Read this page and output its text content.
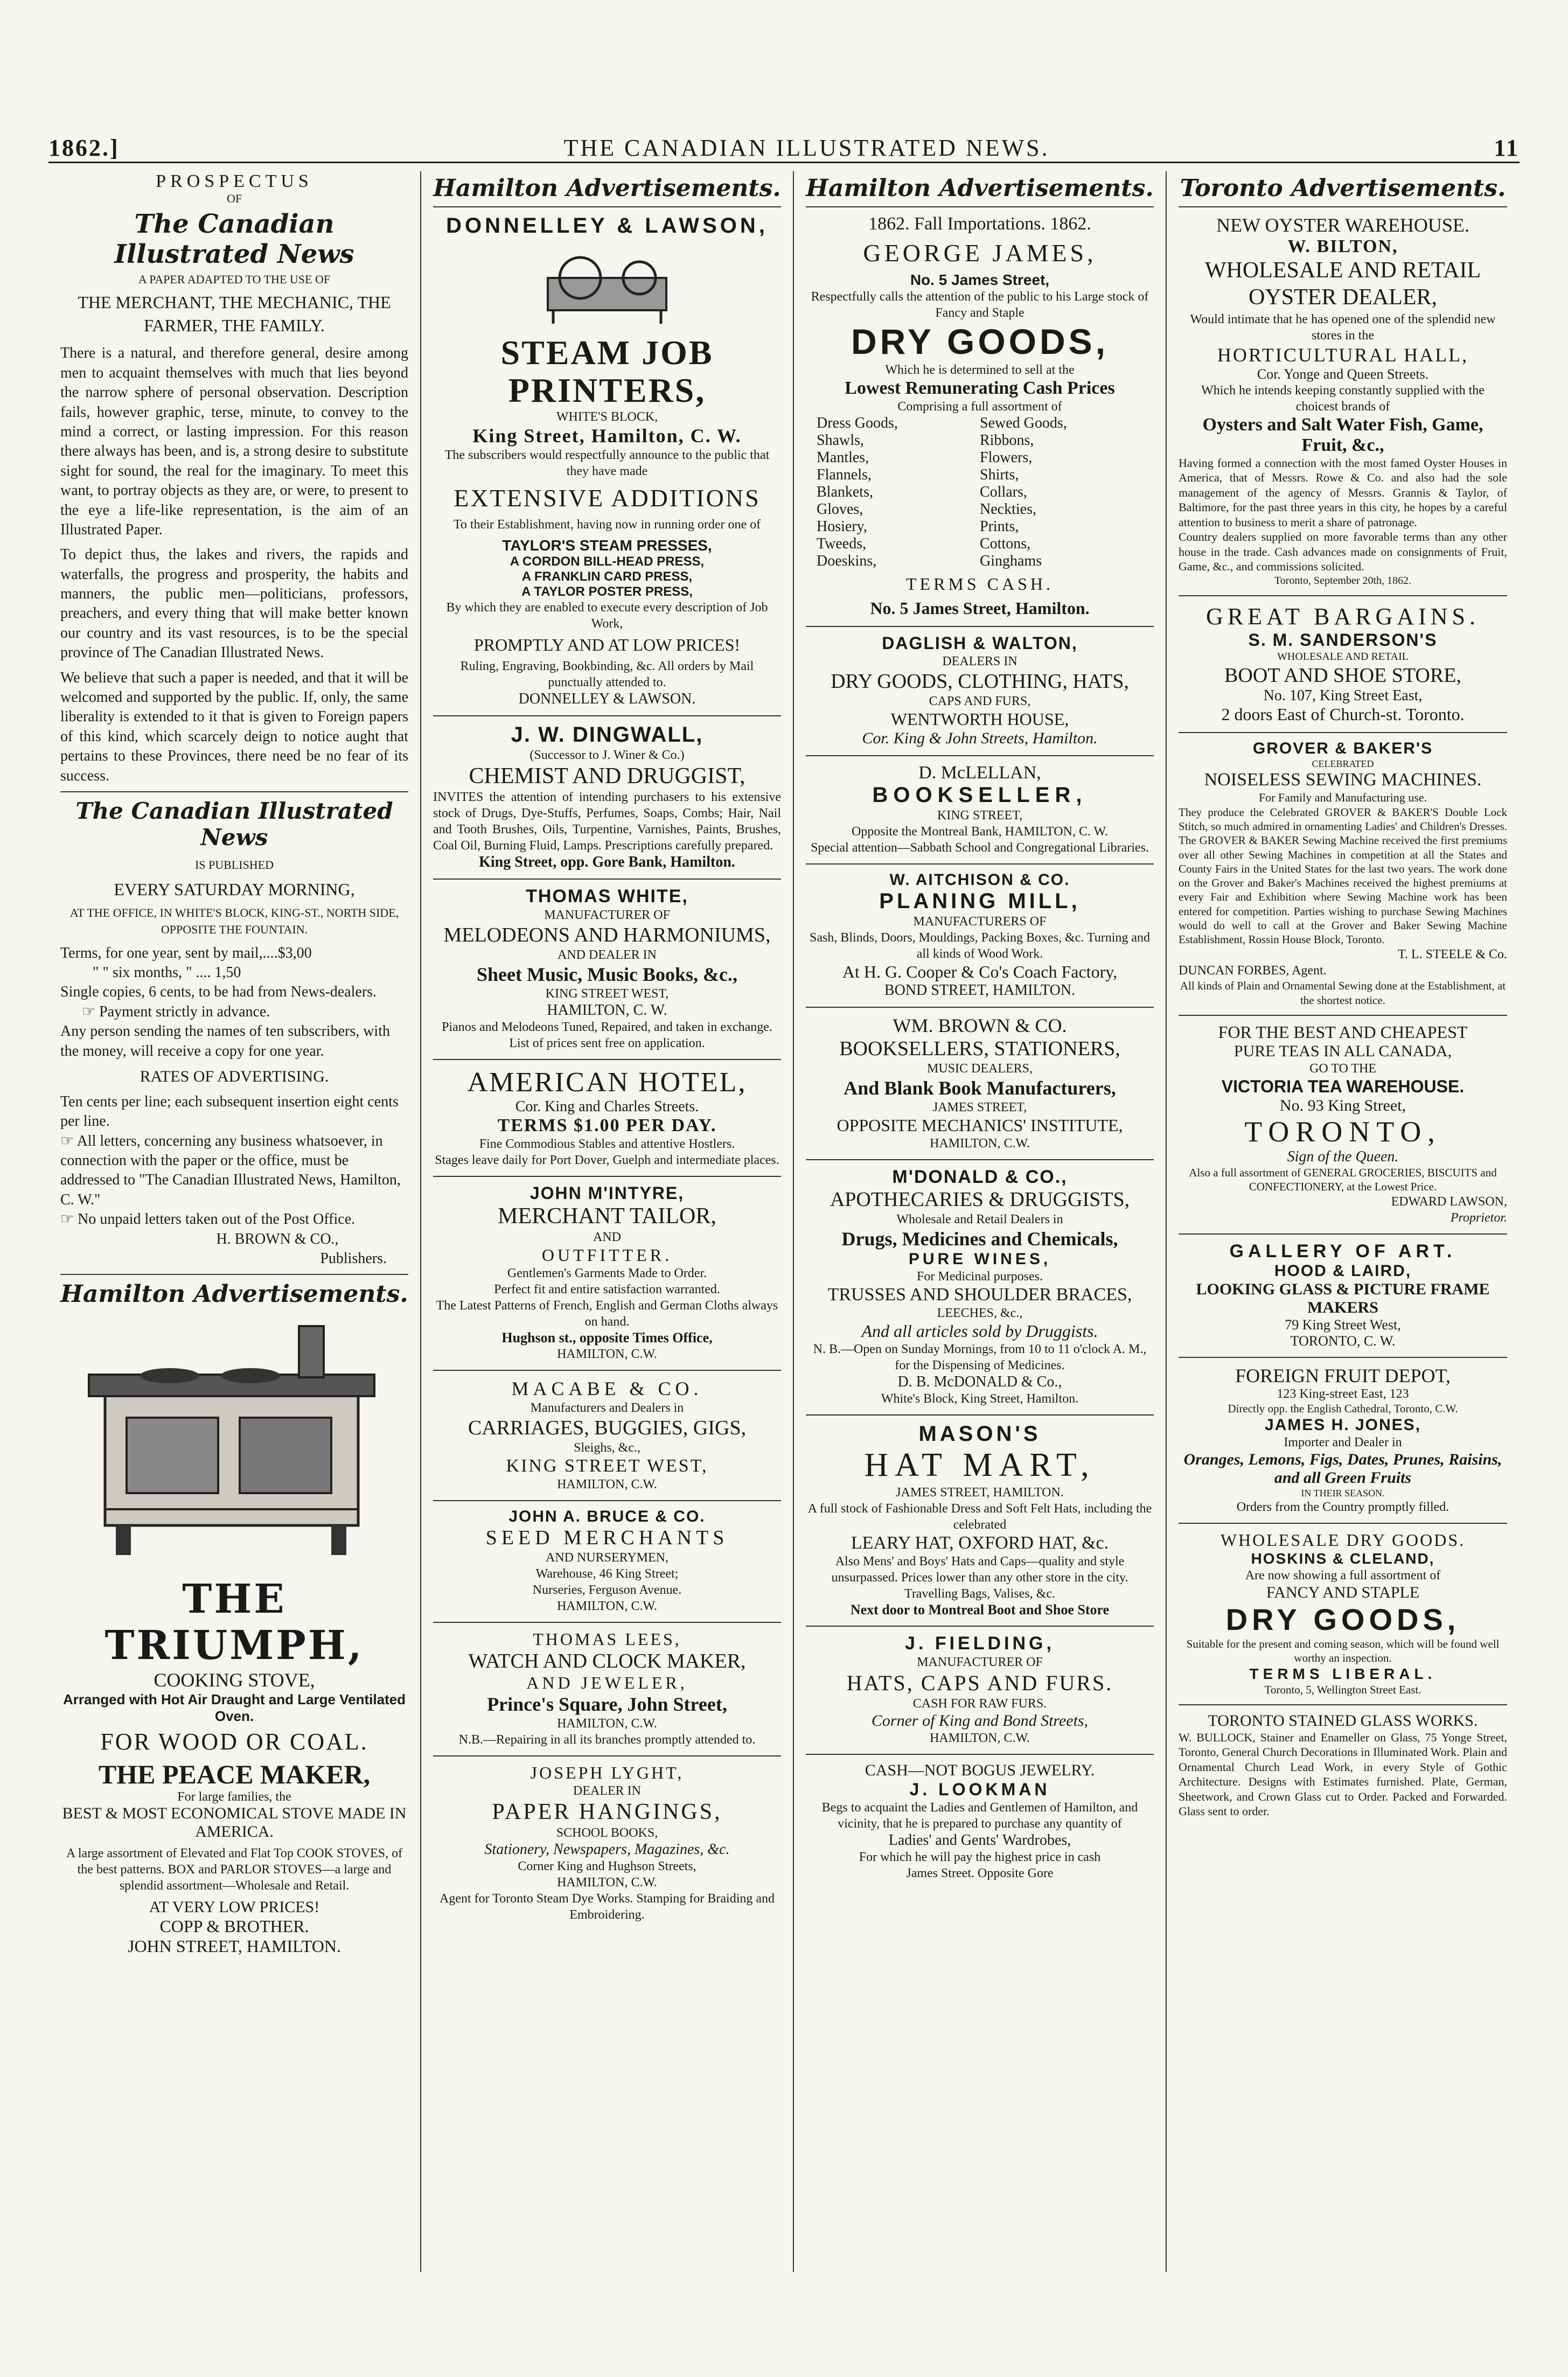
1862.]	THE CANADIAN ILLUSTRATED NEWS.	11
PROSPECTUS
OF
The Canadian Illustrated News
A PAPER ADAPTED TO THE USE OF
THE MERCHANT, THE MECHANIC, THE FARMER, THE FAMILY.
There is a natural, and therefore general, desire among men to acquaint themselves with much that lies beyond the narrow sphere of personal observation. Description fails, however graphic, terse, minute, to convey to the mind a correct, or lasting impression. For this reason there always has been, and is, a strong desire to substitute sight for sound, the real for the imaginary. To meet this want, to portray objects as they are, or were, to present to the eye a life-like representation, is the aim of an Illustrated Paper.

To depict thus, the lakes and rivers, the rapids and waterfalls, the progress and prosperity, the habits and manners, the public men—politicians, professors, preachers, and every thing that will make better known our country and its vast resources, is to be the special province of The Canadian Illustrated News.

We believe that such a paper is needed, and that it will be welcomed and supported by the public. If, only, the same liberality is extended to it that is given to Foreign papers of this kind, which scarcely deign to notice aught that pertains to these Provinces, there need be no fear of its success.

The Canadian Illustrated News
IS PUBLISHED
EVERY SATURDAY MORNING,
AT THE OFFICE, IN WHITE'S BLOCK, KING-ST., NORTH SIDE, OPPOSITE THE FOUNTAIN.
Terms, for one year, sent by mail,....$3,00
" " six months, " .... 1,50
Single copies, 6 cents, to be had from News-dealers.
☞ Payment strictly in advance.
Any person sending the names of ten subscribers, with the money, will receive a copy for one year.
RATES OF ADVERTISING.
Ten cents per line; each subsequent insertion eight cents per line.
☞ All letters, concerning any business whatsoever, in connection with the paper or the office, must be addressed to "The Canadian Illustrated News, Hamilton, C. W."
☞ No unpaid letters taken out of the Post Office.
H. BROWN & CO.,
Publishers.
Hamilton Advertisements.
THE TRIUMPH,
COOKING STOVE,
Arranged with Hot Air Draught and Large Ventilated Oven.
FOR WOOD OR COAL.
THE PEACE MAKER,
For large families, the
BEST & MOST ECONOMICAL STOVE MADE IN AMERICA.
A large assortment of Elevated and Flat Top COOK STOVES, of the best patterns. BOX and PARLOR STOVES—a large and splendid assortment—Wholesale and Retail.
AT VERY LOW PRICES!
COPP & BROTHER.
JOHN STREET, HAMILTON.
Hamilton Advertisements.
DONNELLEY & LAWSON,
STEAM JOB PRINTERS,
WHITE'S BLOCK,
King Street, Hamilton, C. W.
The subscribers would respectfully announce to the public that they have made
EXTENSIVE ADDITIONS
To their Establishment, having now in running order one of
TAYLOR'S STEAM PRESSES,
A CORDON BILL-HEAD PRESS,
A FRANKLIN CARD PRESS,
A TAYLOR POSTER PRESS,
By which they are enabled to execute every description of Job Work,
PROMPTLY AND AT LOW PRICES!
Ruling, Engraving, Bookbinding, &c. All orders by Mail punctually attended to.
DONNELLEY & LAWSON.
J. W. DINGWALL,
(Successor to J. Winer & Co.)
CHEMIST AND DRUGGIST,
INVITES the attention of intending purchasers to his extensive stock of Drugs, Dye-Stuffs, Perfumes, Soaps, Combs; Hair, Nail and Tooth Brushes, Oils, Turpentine, Varnishes, Paints, Brushes, Coal Oil, Burning Fluid, Lamps. Prescriptions carefully prepared.
King Street, opp. Gore Bank, Hamilton.
THOMAS WHITE,
MANUFACTURER OF
MELODEONS AND HARMONIUMS,
AND DEALER IN
Sheet Music, Music Books, &c.,
KING STREET WEST,
HAMILTON, C. W.
Pianos and Melodeons Tuned, Repaired, and taken in exchange. List of prices sent free on application.
AMERICAN HOTEL,
Cor. King and Charles Streets.
TERMS $1.00 PER DAY.
Fine Commodious Stables and attentive Hostlers.
Stages leave daily for Port Dover, Guelph and intermediate places.
JOHN M'INTYRE,
MERCHANT TAILOR,
AND
OUTFITTER.
Gentlemen's Garments Made to Order.
Perfect fit and entire satisfaction warranted.
The Latest Patterns of French, English and German Cloths always on hand.
Hughson st., opposite Times Office,
HAMILTON, C.W.
MACABE & CO.
Manufacturers and Dealers in
CARRIAGES, BUGGIES, GIGS,
Sleighs, &c.,
KING STREET WEST,
HAMILTON, C.W.
JOHN A. BRUCE & CO.
SEED MERCHANTS
AND NURSERYMEN,
Warehouse, 46 King Street;
Nurseries, Ferguson Avenue.
HAMILTON, C.W.
THOMAS LEES,
WATCH AND CLOCK MAKER,
AND JEWELER,
Prince's Square, John Street,
HAMILTON, C.W.
N.B.—Repairing in all its branches promptly attended to.
JOSEPH LYGHT,
DEALER IN
PAPER HANGINGS,
SCHOOL BOOKS,
Stationery, Newspapers, Magazines, &c.
Corner King and Hughson Streets,
HAMILTON, C.W.
Agent for Toronto Steam Dye Works. Stamping for Braiding and Embroidering.
Hamilton Advertisements.
1862. Fall Importations. 1862.
GEORGE JAMES,
No. 5 James Street,
Respectfully calls the attention of the public to his Large stock of Fancy and Staple
DRY GOODS,
Which he is determined to sell at the
Lowest Remunerating Cash Prices
Comprising a full assortment of
Dress Goods,
Shawls,
Mantles,
Flannels,
Blankets,
Gloves,
Hosiery,
Tweeds,
Doeskins,
Sewed Goods,
Ribbons,
Flowers,
Shirts,
Collars,
Neckties,
Prints,
Cottons,
Ginghams
TERMS CASH.
No. 5 James Street, Hamilton.
DAGLISH & WALTON,
DEALERS IN
DRY GOODS, CLOTHING, HATS,
CAPS AND FURS,
WENTWORTH HOUSE,
Cor. King & John Streets, Hamilton.
D. McLELLAN,
BOOKSELLER,
KING STREET,
Opposite the Montreal Bank, HAMILTON, C. W.
Special attention—Sabbath School and Congregational Libraries.
W. AITCHISON & CO.
PLANING MILL,
MANUFACTURERS OF
Sash, Blinds, Doors, Mouldings, Packing Boxes, &c. Turning and all kinds of Wood Work.
At H. G. Cooper & Co's Coach Factory,
BOND STREET, HAMILTON.
WM. BROWN & CO.
BOOKSELLERS, STATIONERS,
MUSIC DEALERS,
And Blank Book Manufacturers,
JAMES STREET,
OPPOSITE MECHANICS' INSTITUTE,
HAMILTON, C.W.
M'DONALD & CO.,
APOTHECARIES & DRUGGISTS,
Wholesale and Retail Dealers in
Drugs, Medicines and Chemicals,
PURE WINES,
For Medicinal purposes.
TRUSSES AND SHOULDER BRACES,
LEECHES, &c.,
And all articles sold by Druggists.
N. B.—Open on Sunday Mornings, from 10 to 11 o'clock A. M., for the Dispensing of Medicines.
D. B. McDONALD & Co.,
White's Block, King Street, Hamilton.
MASON'S
HAT MART,
JAMES STREET, HAMILTON.
A full stock of Fashionable Dress and Soft Felt Hats, including the celebrated
LEARY HAT, OXFORD HAT, &c.
Also Mens' and Boys' Hats and Caps—quality and style unsurpassed. Prices lower than any other store in the city. Travelling Bags, Valises, &c.
Next door to Montreal Boot and Shoe Store
J. FIELDING,
MANUFACTURER OF
HATS, CAPS AND FURS.
CASH FOR RAW FURS.
Corner of King and Bond Streets,
HAMILTON, C.W.
CASH—NOT BOGUS JEWELRY.
J. LOOKMAN
Begs to acquaint the Ladies and Gentlemen of Hamilton, and vicinity, that he is prepared to purchase any quantity of
Ladies' and Gents' Wardrobes,
For which he will pay the highest price in cash
James Street. Opposite Gore
Toronto Advertisements.
NEW OYSTER WAREHOUSE.
W. BILTON,
WHOLESALE AND RETAIL OYSTER DEALER,
Would intimate that he has opened one of the splendid new stores in the
HORTICULTURAL HALL,
Cor. Yonge and Queen Streets.
Which he intends keeping constantly supplied with the choicest brands of
Oysters and Salt Water Fish, Game, Fruit, &c.,
Having formed a connection with the most famed Oyster Houses in America, that of Messrs. Rowe & Co. and also had the sole management of the agency of Messrs. Grannis & Taylor, of Baltimore, for the past three years in this city, he hopes by a careful attention to business to merit a share of patronage.
Country dealers supplied on more favorable terms than any other house in the trade. Cash advances made on consignments of Fruit, Game, &c., and commissions solicited.
Toronto, September 20th, 1862.
GREAT BARGAINS.
S. M. SANDERSON'S
WHOLESALE AND RETAIL
BOOT AND SHOE STORE,
No. 107, King Street East,
2 doors East of Church-st. Toronto.
GROVER & BAKER'S
CELEBRATED
NOISELESS SEWING MACHINES.
For Family and Manufacturing use.
They produce the Celebrated GROVER & BAKER'S Double Lock Stitch, so much admired in ornamenting Ladies' and Children's Dresses. The GROVER & BAKER Sewing Machine received the first premiums over all other Sewing Machines in competition at all the States and County Fairs in the United States for the last two years. The work done on the Grover and Baker's Machines received the highest premiums at every Fair and Exhibition where Sewing Machine work has been entered for competition. Parties wishing to purchase Sewing Machines would do well to call at the Grover and Baker Sewing Machine Establishment, Rossin House Block, Toronto.
T. L. STEELE & Co.
DUNCAN FORBES, Agent.
All kinds of Plain and Ornamental Sewing done at the Establishment, at the shortest notice.
FOR THE BEST AND CHEAPEST
PURE TEAS IN ALL CANADA,
GO TO THE
VICTORIA TEA WAREHOUSE.
No. 93 King Street,
TORONTO,
Sign of the Queen.
Also a full assortment of GENERAL GROCERIES, BISCUITS and CONFECTIONERY, at the Lowest Price.
EDWARD LAWSON,
Proprietor.
GALLERY OF ART.
HOOD & LAIRD,
LOOKING GLASS & PICTURE FRAME MAKERS
79 King Street West,
TORONTO, C. W.
FOREIGN FRUIT DEPOT,
123 King-street East, 123
Directly opp. the English Cathedral, Toronto, C.W.
JAMES H. JONES,
Importer and Dealer in
Oranges, Lemons, Figs, Dates, Prunes, Raisins, and all Green Fruits
IN THEIR SEASON.
Orders from the Country promptly filled.
WHOLESALE DRY GOODS.
HOSKINS & CLELAND,
Are now showing a full assortment of
FANCY AND STAPLE
DRY GOODS,
Suitable for the present and coming season, which will be found well worthy an inspection.
TERMS LIBERAL.
Toronto, 5, Wellington Street East.
TORONTO STAINED GLASS WORKS.
W. BULLOCK, Stainer and Enameller on Glass, 75 Yonge Street, Toronto, General Church Decorations in Illuminated Work. Plain and Ornamental Church Lead Work, in every Style of Gothic Architecture. Designs with Estimates furnished. Plate, German, Sheetwork, and Crown Glass cut to Order. Packed and Forwarded. Glass sent to order.
